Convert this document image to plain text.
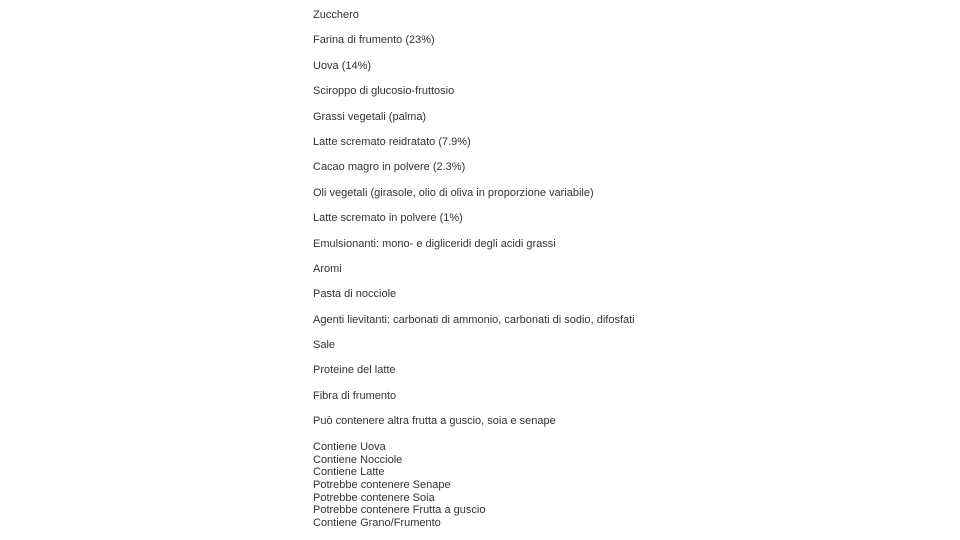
Zucchero
Farina di frumento (23%)
Uova (14%)
Sciroppo di glucosio-fruttosio
Grassi vegetali (palma)
Latte scremato reidratato (7.9%)
Cacao magro in polvere (2.3%)
Oli vegetali (girasole, olio di oliva in proporzione variabile)
Latte scremato in polvere (1%)
Emulsionanti: mono- e digliceridi degli acidi grassi
Aromi
Pasta di nocciole
Agenti lievitanti: carbonati di ammonio, carbonati di sodio, difosfati
Sale
Proteine del latte
Fibra di frumento
Può contenere altra frutta a guscio, soia e senape
Contiene Uova
Contiene Nocciole
Contiene Latte
Potrebbe contenere Senape
Potrebbe contenere Soia
Potrebbe contenere Frutta a guscio
Contiene Grano/Frumento
